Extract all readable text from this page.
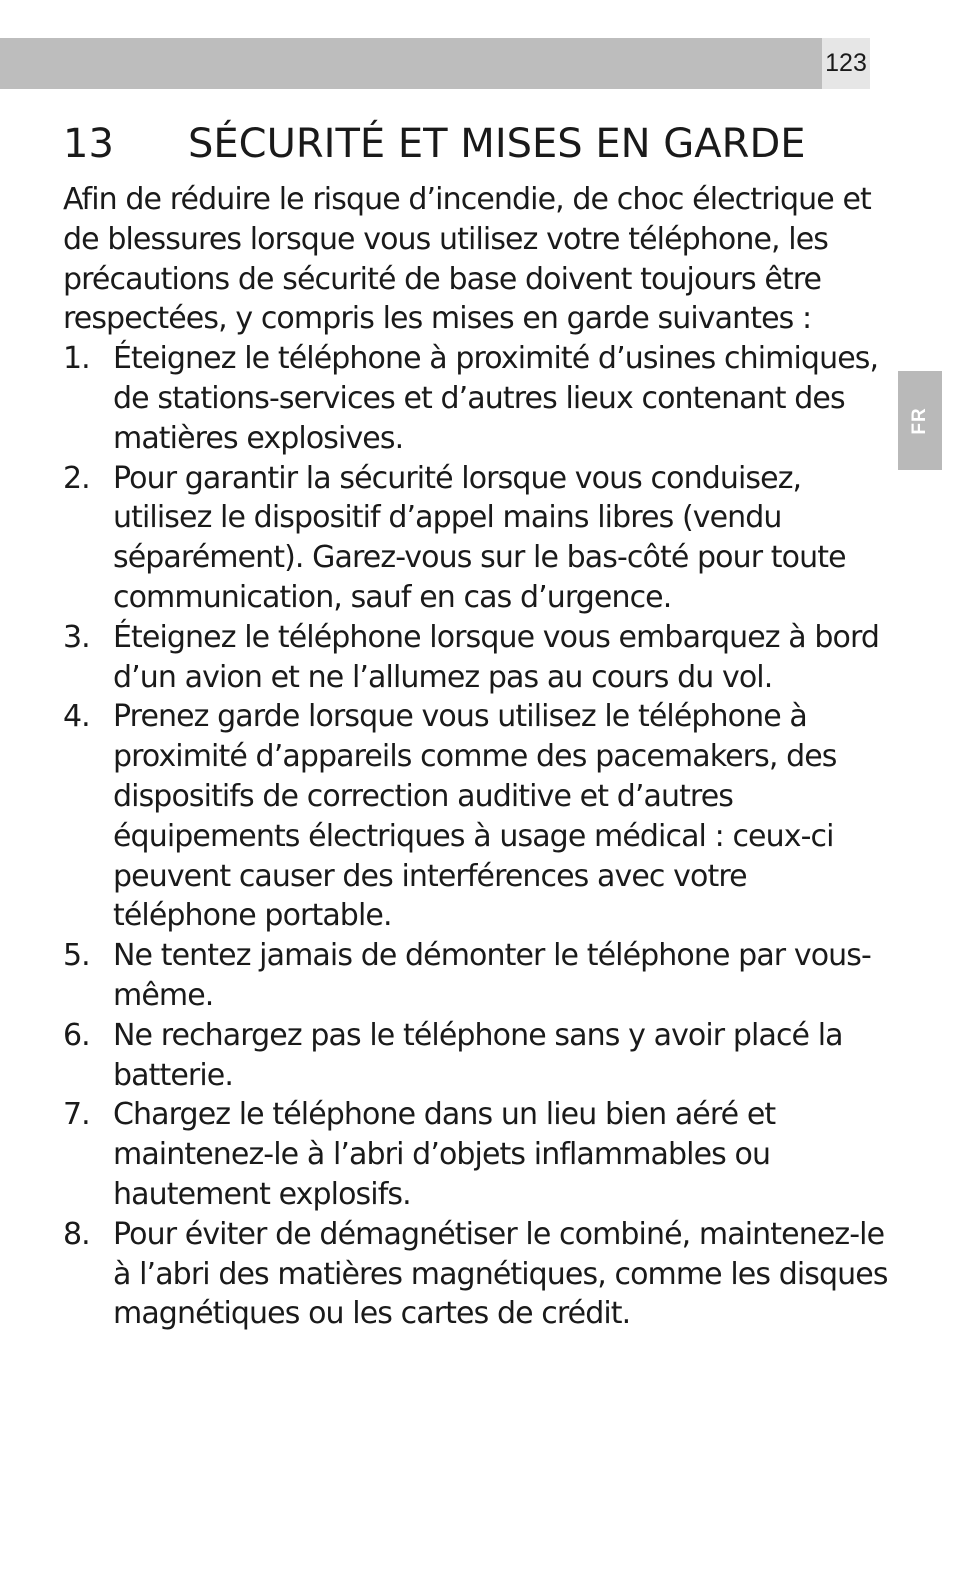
123
FR
13 SÉCURITÉ ET MISES EN GARDE

Afin de réduire le risque d’incendie, de choc électrique et de blessures lorsque vous utilisez votre téléphone, les précautions de sécurité de base doivent toujours être respectées, y compris les mises en garde suivantes :

1. Éteignez le téléphone à proximité d’usines chimiques, de stations-services et d’autres lieux contenant des matières explosives.
2. Pour garantir la sécurité lorsque vous conduisez, utilisez le dispositif d’appel mains libres (vendu séparément). Garez-vous sur le bas-côté pour toute communication, sauf en cas d’urgence.
3. Éteignez le téléphone lorsque vous embarquez à bord d’un avion et ne l’allumez pas au cours du vol.
4. Prenez garde lorsque vous utilisez le téléphone à proximité d’appareils comme des pacemakers, des dispositifs de correction auditive et d’autres équipements électriques à usage médical : ceux-ci peuvent causer des interférences avec votre téléphone portable.
5. Ne tentez jamais de démonter le téléphone par vous-même.
6. Ne rechargez pas le téléphone sans y avoir placé la batterie.
7. Chargez le téléphone dans un lieu bien aéré et maintenez-le à l’abri d’objets inflammables ou hautement explosifs.
8. Pour éviter de démagnétiser le combiné, maintenez-le à l’abri des matières magnétiques, comme les disques magnétiques ou les cartes de crédit.
